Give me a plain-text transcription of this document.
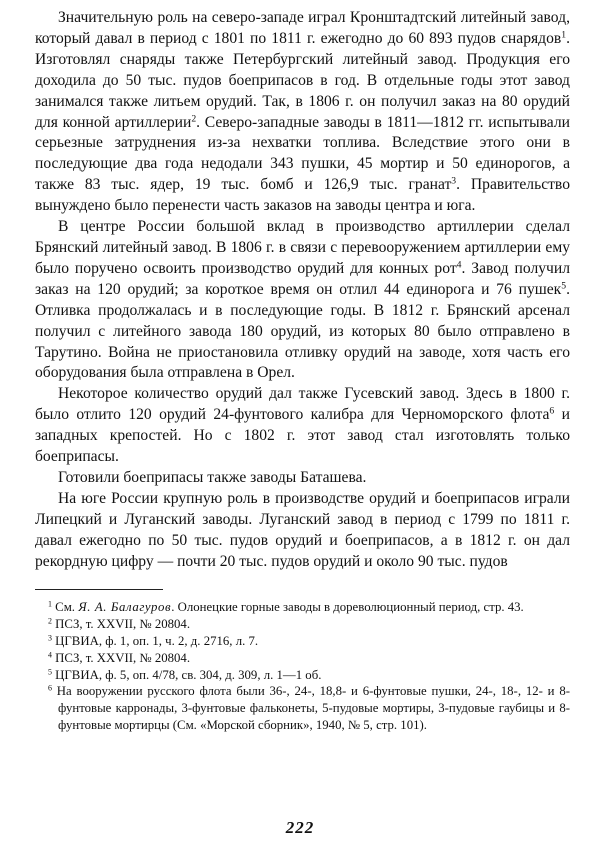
Значительную роль на северо-западе играл Кронштадтский литейный завод, который давал в период с 1801 по 1811 г. ежегодно до 60 893 пудов снарядов$^1$. Изготовлял снаряды также Петербургский литейный завод. Продукция его доходила до 50 тыс. пудов боеприпасов в год. В отдельные годы этот завод занимался также литьем орудий. Так, в 1806 г. он получил заказ на 80 орудий для конной артиллерии$^2$. Северо-западные заводы в 1811—1812 гг. испытывали серьезные затруднения из-за нехватки топлива. Вследствие этого они в последующие два года недодали 343 пушки, 45 мортир и 50 единорогов, а также 83 тыс. ядер, 19 тыс. бомб и 126,9 тыс. гранат$^3$. Правительство вынуждено было перенести часть заказов на заводы центра и юга.

В центре России большой вклад в производство артиллерии сделал Брянский литейный завод. В 1806 г. в связи с перевооружением артиллерии ему было поручено освоить производство орудий для конных рот$^4$. Завод получил заказ на 120 орудий; за короткое время он отлил 44 единорога и 76 пушек$^5$. Отливка продолжалась и в последующие годы. В 1812 г. Брянский арсенал получил с литейного завода 180 орудий, из которых 80 было отправлено в Тарутино. Война не приостановила отливку орудий на заводе, хотя часть его оборудования была отправлена в Орел.

Некоторое количество орудий дал также Гусевский завод. Здесь в 1800 г. было отлито 120 орудий 24-фунтового калибра для Черноморского флота$^6$ и западных крепостей. Но с 1802 г. этот завод стал изготовлять только боеприпасы.

Готовили боеприпасы также заводы Баташева.

На юге России крупную роль в производстве орудий и боеприпасов играли Липецкий и Луганский заводы. Луганский завод в период с 1799 по 1811 г. давал ежегодно по 50 тыс. пудов орудий и боеприпасов, а в 1812 г. он дал рекордную цифру — почти 20 тыс. пудов орудий и около 90 тыс. пудов

$^1$ См. Я. А. Балагуров. Олонецкие горные заводы в дореволюционный период, стр. 43.

$^2$ ПСЗ, т. XXVII, № 20804.

$^3$ ЦГВИА, ф. 1, оп. 1, ч. 2, д. 2716, л. 7.

$^4$ ПСЗ, т. XXVII, № 20804.

$^5$ ЦГВИА, ф. 5, оп. 4/78, св. 304, д. 309, л. 1—1 об.

$^6$ На вооружении русского флота были 36-, 24-, 18,8- и 6-фунтовые пушки, 24-, 18-, 12- и 8-фунтовые карронады, 3-фунтовые фальконеты, 5-пудовые мортиры, 3-пудовые гаубицы и 8-фунтовые мортирцы (См. «Морской сборник», 1940, № 5, стр. 101).

222
